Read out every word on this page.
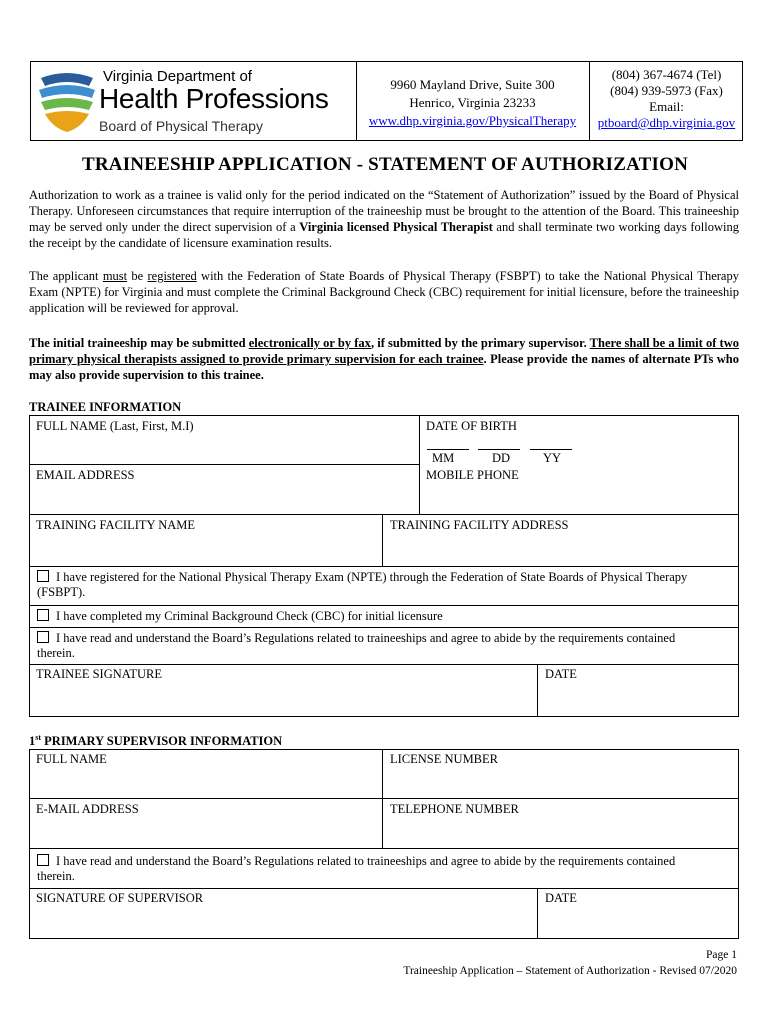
Virginia Department of
Health Professions
Board of Physical Therapy
9960 Mayland Drive, Suite 300
Henrico, Virginia 23233
www.dhp.virginia.gov/PhysicalTherapy
(804) 367-4674 (Tel)
(804) 939-5973 (Fax)
Email:
ptboard@dhp.virginia.gov
TRAINEESHIP APPLICATION - STATEMENT OF AUTHORIZATION
Authorization to work as a trainee is valid only for the period indicated on the “Statement of Authorization” issued by the Board of Physical Therapy. Unforeseen circumstances that require interruption of the traineeship must be brought to the attention of the Board. This traineeship may be served only under the direct supervision of a Virginia licensed Physical Therapist and shall terminate two working days following the receipt by the candidate of licensure examination results.
The applicant must be registered with the Federation of State Boards of Physical Therapy (FSBPT) to take the National Physical Therapy Exam (NPTE) for Virginia and must complete the Criminal Background Check (CBC) requirement for initial licensure, before the traineeship application will be reviewed for approval.
The initial traineeship may be submitted electronically or by fax, if submitted by the primary supervisor. There shall be a limit of two primary physical therapists assigned to provide primary supervision for each trainee. Please provide the names of alternate PTs who may also provide supervision to this trainee.
TRAINEE INFORMATION
FULL NAME (Last, First, M.I)	DATE OF BIRTH
MM	DD	YY
EMAIL ADDRESS	MOBILE PHONE
TRAINING FACILITY NAME	TRAINING FACILITY ADDRESS
I have registered for the National Physical Therapy Exam (NPTE) through the Federation of State Boards of Physical Therapy (FSBPT).
I have completed my Criminal Background Check (CBC) for initial licensure
I have read and understand the Board’s Regulations related to traineeships and agree to abide by the requirements contained therein.
TRAINEE SIGNATURE	DATE
1st PRIMARY SUPERVISOR INFORMATION
FULL NAME	LICENSE NUMBER
E-MAIL ADDRESS	TELEPHONE NUMBER
I have read and understand the Board’s Regulations related to traineeships and agree to abide by the requirements contained therein.
SIGNATURE OF SUPERVISOR	DATE
Page 1
Traineeship Application – Statement of Authorization - Revised 07/2020
